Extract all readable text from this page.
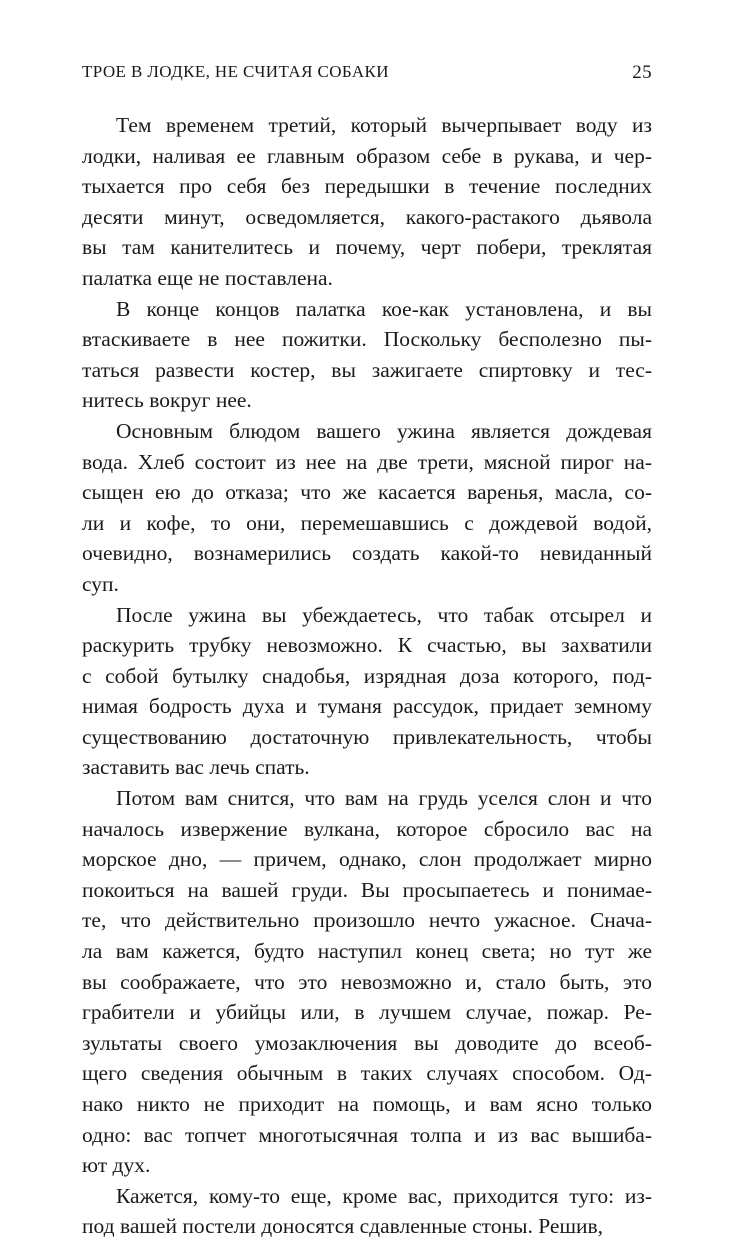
ТРОЕ В ЛОДКЕ, НЕ СЧИТАЯ СОБАКИ	25
Тем временем третий, который вычерпывает воду из
лодки, наливая ее главным образом себе в рукава, и чер-
тыхается про себя без передышки в течение последних
десяти минут, осведомляется, какого-растакого дьявола
вы там канителитесь и почему, черт побери, треклятая
палатка еще не поставлена.
В конце концов палатка кое-как установлена, и вы
втаскиваете в нее пожитки. Поскольку бесполезно пы-
таться развести костер, вы зажигаете спиртовку и тес-
нитесь вокруг нее.
Основным блюдом вашего ужина является дождевая
вода. Хлеб состоит из нее на две трети, мясной пирог на-
сыщен ею до отказа; что же касается варенья, масла, со-
ли и кофе, то они, перемешавшись с дождевой водой,
очевидно, вознамерились создать какой-то невиданный
суп.
После ужина вы убеждаетесь, что табак отсырел и
раскурить трубку невозможно. К счастью, вы захватили
с собой бутылку снадобья, изрядная доза которого, под-
нимая бодрость духа и туманя рассудок, придает земному
существованию достаточную привлекательность, чтобы
заставить вас лечь спать.
Потом вам снится, что вам на грудь уселся слон и что
началось извержение вулкана, которое сбросило вас на
морское дно, — причем, однако, слон продолжает мирно
покоиться на вашей груди. Вы просыпаетесь и понимае-
те, что действительно произошло нечто ужасное. Снача-
ла вам кажется, будто наступил конец света; но тут же
вы соображаете, что это невозможно и, стало быть, это
грабители и убийцы или, в лучшем случае, пожар. Ре-
зультаты своего умозаключения вы доводите до всеоб-
щего сведения обычным в таких случаях способом. Од-
нако никто не приходит на помощь, и вам ясно только
одно: вас топчет многотысячная толпа и из вас вышиба-
ют дух.
Кажется, кому-то еще, кроме вас, приходится туго: из-
под вашей постели доносятся сдавленные стоны. Решив,
